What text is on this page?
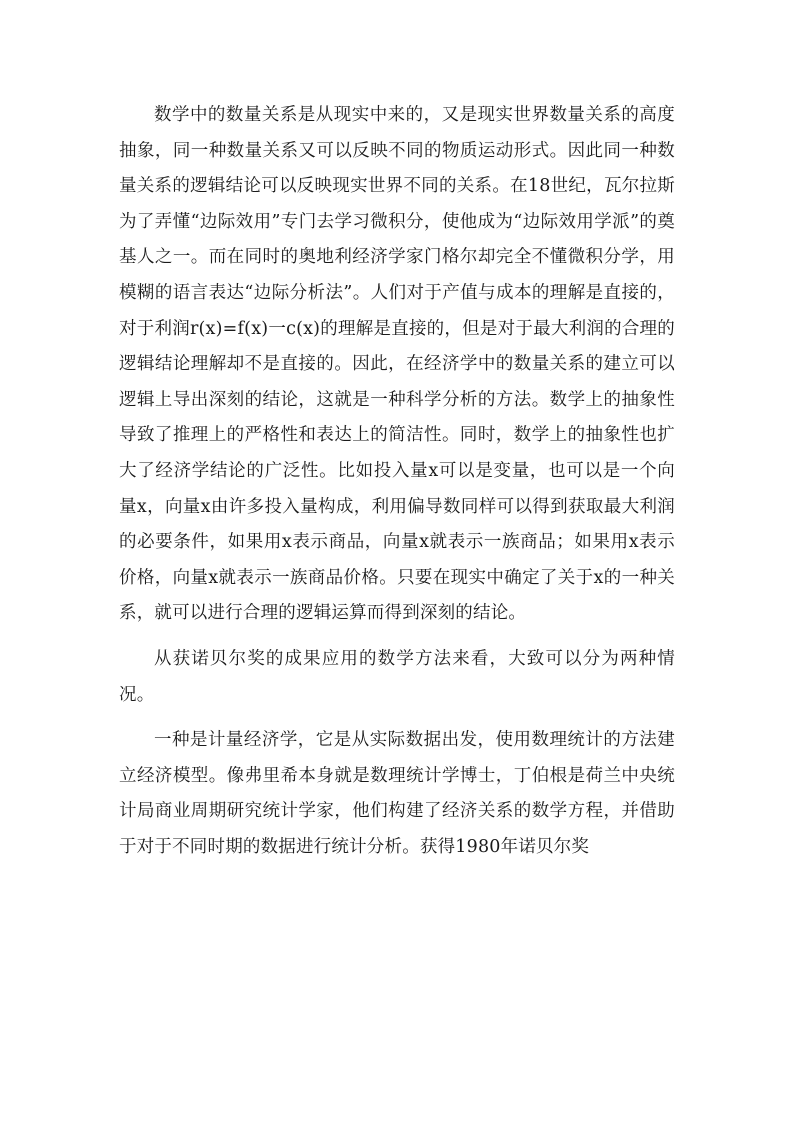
数学中的数量关系是从现实中来的，又是现实世界数量关系的高度抽象，同一种数量关系又可以反映不同的物质运动形式。因此同一种数量关系的逻辑结论可以反映现实世界不同的关系。在18世纪，瓦尔拉斯为了弄懂“边际效用”专门去学习微积分，使他成为“边际效用学派”的奠基人之一。而在同时的奥地利经济学家门格尔却完全不懂微积分学，用模糊的语言表达“边际分析法”。人们对于产值与成本的理解是直接的，对于利润r(x)=f(x)一c(x)的理解是直接的，但是对于最大利润的合理的逻辑结论理解却不是直接的。因此，在经济学中的数量关系的建立可以逻辑上导出深刻的结论，这就是一种科学分析的方法。数学上的抽象性导致了推理上的严格性和表达上的简洁性。同时，数学上的抽象性也扩大了经济学结论的广泛性。比如投入量x可以是变量，也可以是一个向量x，向量x由许多投入量构成，利用偏导数同样可以得到获取最大利润的必要条件，如果用x表示商品，向量x就表示一族商品；如果用x表示价格，向量x就表示一族商品价格。只要在现实中确定了关于x的一种关系，就可以进行合理的逻辑运算而得到深刻的结论。

从获诺贝尔奖的成果应用的数学方法来看，大致可以分为两种情况。

一种是计量经济学，它是从实际数据出发，使用数理统计的方法建立经济模型。像弗里希本身就是数理统计学博士，丁伯根是荷兰中央统计局商业周期研究统计学家，他们构建了经济关系的数学方程，并借助于对于不同时期的数据进行统计分析。获得1980年诺贝尔奖
